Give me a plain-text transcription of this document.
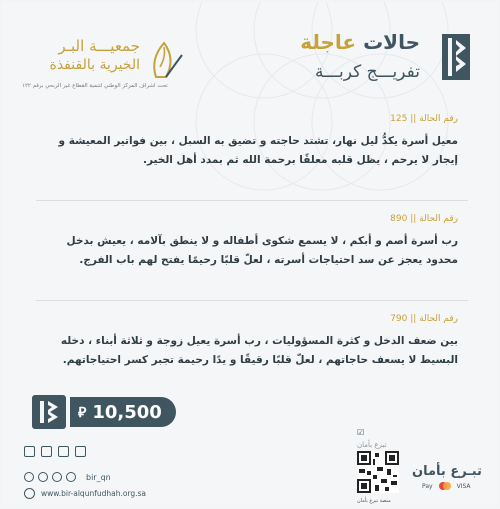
حالات عاجلة
تفريـــج كربـــة
جمعيـــة البـر
الخيرية بالقنفذة
تحت اشراف المركز الوطني لتنمية القطاع غير الربحي برقم ١٢٢
رقم الحالة || 125
معيل أسرة يكدُّ ليل نهار، تشتد حاجته و تضيق به السبل ، بين فواتير المعيشة و إيجار لا يرحم ، يظل قلبه معلقًا برحمة الله ثم بمدد أهل الخير.
رقم الحالة || 890
رب أسرة أصم و أبكم ، لا يسمع شكوى أطفاله و لا ينطق بآلامه ، يعيش بدخل محدود يعجز عن سد احتياجات أسرته ، لعلّ قلبًا رحيمًا يفتح لهم باب الفرج.
رقم الحالة || 790
بين ضعف الدخل و كثرة المسؤوليات ، رب أسرة يعيل زوجة و ثلاثة أبناء ، دخله البسيط لا يسعف حاجاتهم ، لعلّ قلبًا رقيقًا و يدًا رحيمة تجبر كسر احتياجاتهم.
⃁ 10,500
bir_qn
www.bir-alqunfudhah.org.sa
☑
تبرع بأمان
منصة تبرع بأمان
تبـرع بأمان
Pay	VISA
